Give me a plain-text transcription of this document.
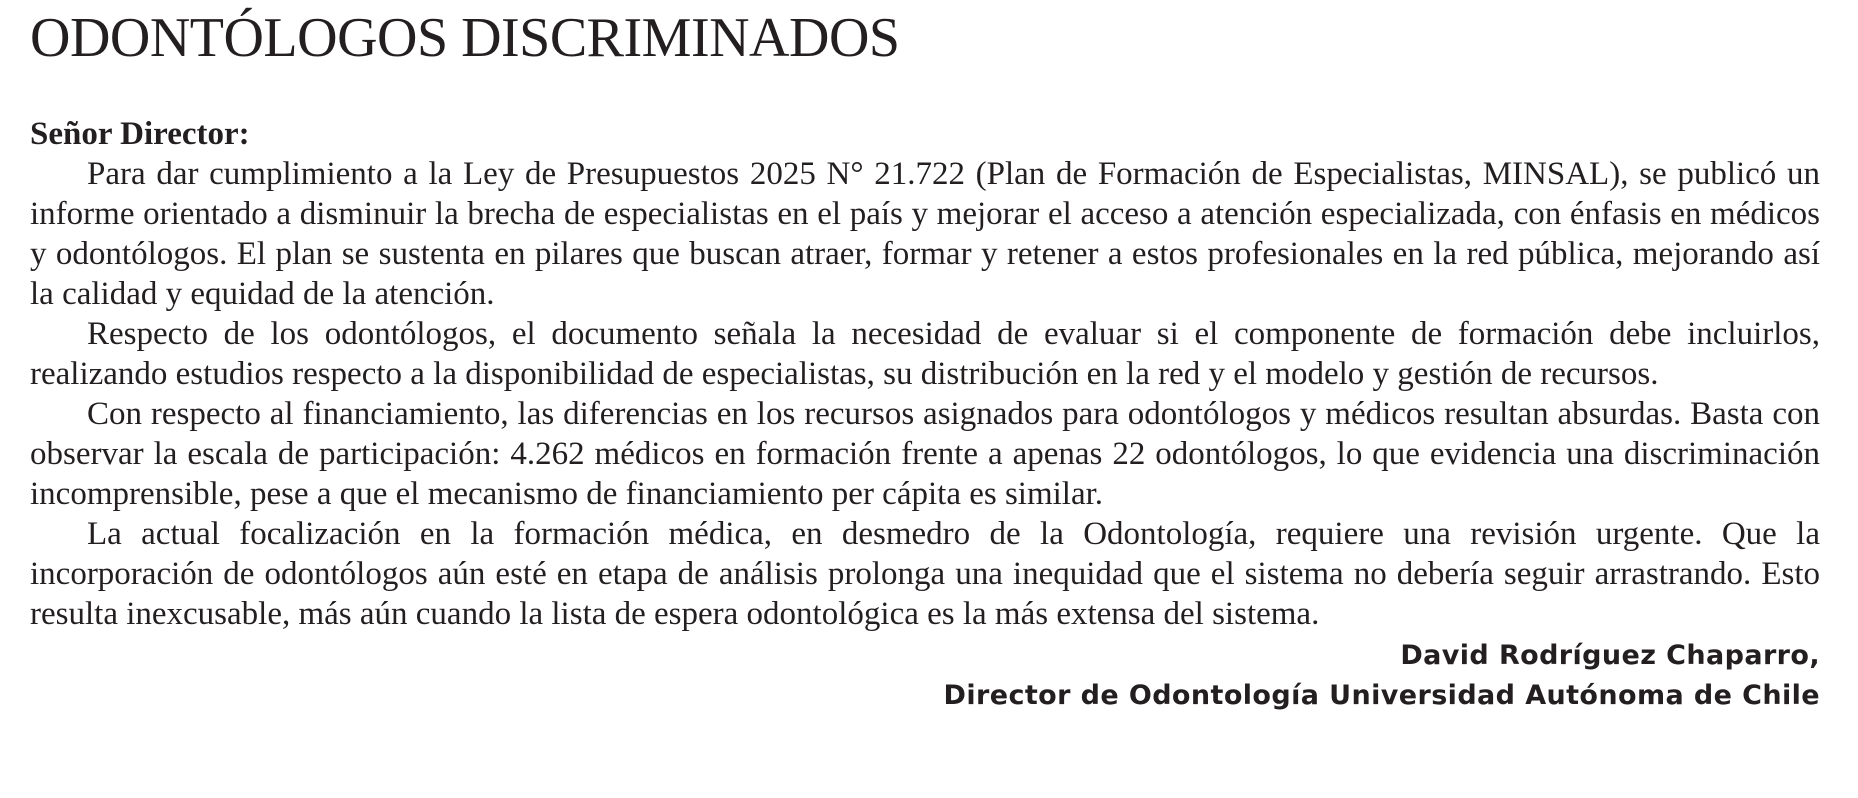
ODONTÓLOGOS DISCRIMINADOS

Señor Director:

Para dar cumplimiento a la Ley de Presupuestos 2025 N° 21.722 (Plan de Formación de Especialistas, MINSAL), se publicó un informe orientado a disminuir la brecha de especialistas en el país y mejorar el acceso a atención especializada, con énfasis en médicos y odontólogos. El plan se sustenta en pilares que buscan atraer, formar y retener a estos profesionales en la red pública, mejorando así la calidad y equidad de la atención.

Respecto de los odontólogos, el documento señala la necesidad de evaluar si el componente de formación debe incluirlos, realizando estudios respecto a la disponibilidad de especialistas, su distribución en la red y el modelo y gestión de recursos.

Con respecto al financiamiento, las diferencias en los recursos asignados para odontólogos y médicos resultan absurdas. Basta con observar la escala de participación: 4.262 médicos en formación frente a apenas 22 odontólogos, lo que evidencia una discriminación incomprensible, pese a que el mecanismo de financiamiento per cápita es similar.

La actual focalización en la formación médica, en desmedro de la Odontología, requiere una revisión urgente. Que la incorporación de odontólogos aún esté en etapa de análisis prolonga una inequidad que el sistema no debería seguir arrastrando. Esto resulta inexcusable, más aún cuando la lista de espera odontológica es la más extensa del sistema.

David Rodríguez Chaparro,
Director de Odontología Universidad Autónoma de Chile
